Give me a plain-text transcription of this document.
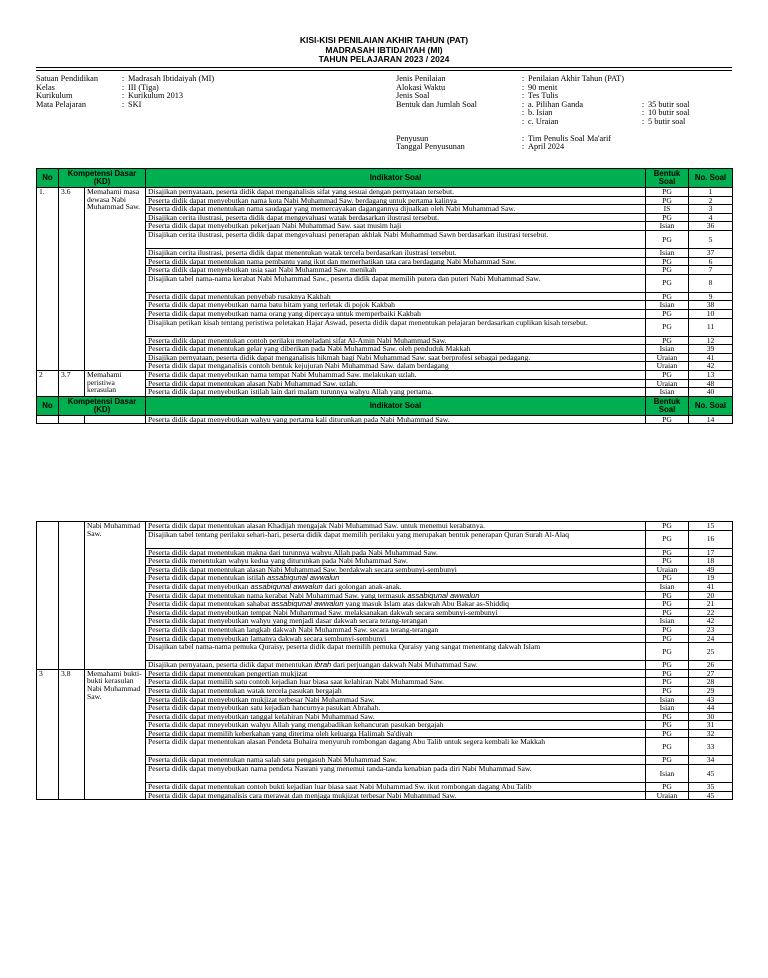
KISI-KISI PENILAIAN AKHIR TAHUN (PAT)
MADRASAH IBTIDAIYAH (MI)
TAHUN PELAJARAN 2023 / 2024
Satuan Pendidikan	: Madrasah Ibtidaiyah (MI)
Kelas	: III (Tiga)
Kurikulum	: Kurikulum 2013
Mata Pelajaran	: SKI
Jenis Penilaian	: Penilaian Akhir Tahun (PAT)
Alokasi Waktu	: 90 menit
Jenis Soal	: Tes Tulis
Bentuk dan Jumlah Soal	: a. Pilihan Ganda	: 35 butir soal
: b. Isian	: 10 butir soal
: c. Uraian	: 5 butir soal
Penyusun	: Tim Penulis Soal Ma'arif
Tanggal Penyusunan	: April 2024
No	Kompetensi Dasar (KD)		Indikator Soal	Bentuk Soal	No. Soal
1.	3.6	Memahami masa dewasa Nabi Muhammad Saw.	Disajikan pernyataan, peserta didik dapat menganalisis sifat yang sesuai dengan pernyataan tersebut.	PG	1
			Peserta didik dapat menyebutkan nama kota Nabi Muhammad Saw. berdagang untuk pertama kalinya	PG	2
			Peserta didik dapat menentukan nama saudagar yang memercayakan dagangannya dijualkan oleh Nabi Muhammad Saw.	IS	3
			Disajikan cerita ilustrasi, peserta didik dapat mengevaluasi watak berdasarkan ilustrasi tersebut.	PG	4
			Peserta didik dapat menyebutkan pekerjaan Nabi Muhammad Saw. saat musim haji	Isian	36
			Disajikan cerita ilustrasi, peserta didik dapat mengevaluasi penerapan akhlak Nabi Muhammad Sawn berdasarkan ilustrasi tersebut.	PG	5
			Disajikan cerita ilustrasi, peserta didik dapat menentukan watak tercela berdasarkan ilustrasi tersebut.	Isian	37
			Peserta didik dapat menentukan nama pembantu yang ikut dan memerhatikan tata cara berdagang Nabi Muhammad Saw.	PG	6
			Peserta didik dapat menyebutkan usia saat Nabi Muhammad Saw. menikah	PG	7
			Disajikan tabel nama-nama kerabat Nabi Muhammad Saw., peserta didik dapat memilih putera dan puteri Nabi Muhammad Saw.	PG	8
			Peserta didik dapat menentukan penyebab rusaknya Kakbah	PG	9
			Peserta didik dapat menyebutkan nama batu hitam yang terletak di pojok Kakbah	Isian	38
			Peserta didik dapat menyebutkan nama orang yang dipercaya untuk memperbaiki Kakbah	PG	10
			Disajikan petikan kisah tentang peristiwa peletakan Hajar Aswad, peserta didik dapat menentukan pelajaran berdasarkan cuplikan kisah tersebut.	PG	11
			Peserta didik dapat menentukan contoh perilaku meneladani sifat Al-Amin Nabi Muhammad Saw.	PG	12
			Peserta didik dapat menentukan gelar yang diberikan pada Nabi Muhammad Saw. oleh penduduk Makkah	Isian	39
			Disajikan pernyataan, peserta didik dapat menganalisis hikmah bagi Nabi Muhammad Saw. saat berprofesi sebagai pedagang.	Uraian	41
			Peserta didik dapat menganalisis contoh bentuk kejujuran Nabi Muhammad Saw. dalam berdagang	Uraian	42
2	3.7	Memahami peristiwa kerasulan	Peserta didik dapat menyebutkan nama tempat Nabi Muhammad Saw. melakukan uzlah.	PG	13
			Peserta didik dapat menentukan alasan Nabi Muhammad Saw. uzlah.	Uraian	48
			Peserta didik dapat menyebutkan istilah lain dari malam turunnya wahyu Allah yang pertama.	Isian	40
No	Kompetensi Dasar (KD)		Indikator Soal	Bentuk Soal	No. Soal
			Peserta didik dapat menyebutkan wahyu yang pertama kali diturunkan pada Nabi Muhammad Saw.	PG	14
		Nabi Muhammad Saw.	Peserta didik dapat menentukan alasan Khadijah mengajak Nabi Muhammad Saw. untuk menemui kerabatnya.	PG	15
			Disajikan tabel tentang perilaku sehari-hari, peserta didik dapat memilih perilaku yang merupakan bentuk penerapan Quran Surah Al-Alaq	PG	16
			Peserta didik dapat menentukan makna dari turunnya wahyu Allah pada Nabi Muhammad Saw.	PG	17
			Peserta didik menentukan wahyu kedua yang diturunkan pada Nabi Muhammad Saw.	PG	18
			Peserta didik dapat menentukan alasan Nabi Muhammad Saw. berdakwah secara sembunyi-sembunyi	Uraian	49
			Peserta didik dapat menentukan istilah assabiqunal awwalun	PG	19
			Peserta didik dapat menyebutkan assabiqunal awwalun dari golongan anak-anak.	Isian	41
			Peserta didik dapat menentukan nama kerabat Nabi Muhammad Saw. yang termasuk assabiqunal awwalun	PG	20
			Peserta didik dapat menentukan sahabat assabiqunal awwalun yang masuk Islam atas dakwah Abu Bakar as-Shiddiq	PG	21
			Peserta didik dapat menyebutkan tempat Nabi Muhammad Saw. melaksanakan dakwah secara sembunyi-sembunyi	PG	22
			Peserta didik dapat menyebutkan wahyu yang menjadi dasar dakwah secara terang-terangan	Isian	42
			Peserta didik dapat menentukan langkah dakwah Nabi Muhammad Saw. secara terang-terangan	PG	23
			Peserta didik dapat menyebutkan lamanya dakwah secara sembunyi-sembunyi	PG	24
			Disajikan tabel nama-nama pemuka Quraisy, peserta didik dapat memilih pemuka Quraisy yang sangat menentang dakwah Islam	PG	25
			Disajikan pernyataan, peserta didik dapat menentukan ibrah dari perjuangan dakwah Nabi Muhammad Saw.	PG	26
3	3.8	Memahami bukti-bukti kerasulan Nabi Muhammad Saw.	Peserta didik dapat menentukan pengertian mukjizat	PG	27
			Peserta didik dapat memilih satu contoh kejadian luar biasa saat kelahiran Nabi Muhammad Saw.	PG	28
			Peserta didik dapat menentukan watak tercela pasukan bergajah	PG	29
			Peserta didik dapat menyebutkan mukjizat terbesar Nabi Muhammad Saw.	Isian	43
			Peserta didik dapat menyebutkan satu kejadian hancurnya pasukan Abrahah.	Isian	44
			Peserta didik dapat menyebutkan tanggal kelahiran Nabi Muhammad Saw.	PG	30
			Peserta didik dapat mneyebutkan wahyu Allah yang mengabadikan kehancuran pasukan bergajah	PG	31
			Peserta didik dapat memilih keberkahan yang diterima oleh keluarga Halimah Sa'diyah	PG	32
			Peserta didik dapat menentukan alasan Pendeta Buhaira menyuruh rombongan dagang Abu Talib untuk segera kembali ke Makkah	PG	33
			Peserta didik dapat menentukan nama salah satu pengasuh Nabi Muhammad Saw.	PG	34
			Peserta didik dapat menyebutkan nama pendeta Nasrani yang menemui tanda-tanda kenabian pada diri Nabi Muhammad Saw.	Isian	45
			Peserta didik dapat menentukan contoh bukti kejadian luar biasa saat Nabi Muhammad Sw. ikut rombongan dagang Abu Talib	PG	35
			Peserta didik dapat menganalisis cara merawat dan menjaga mukjizat terbesar Nabi Muhammad Saw.	Uraian	45
